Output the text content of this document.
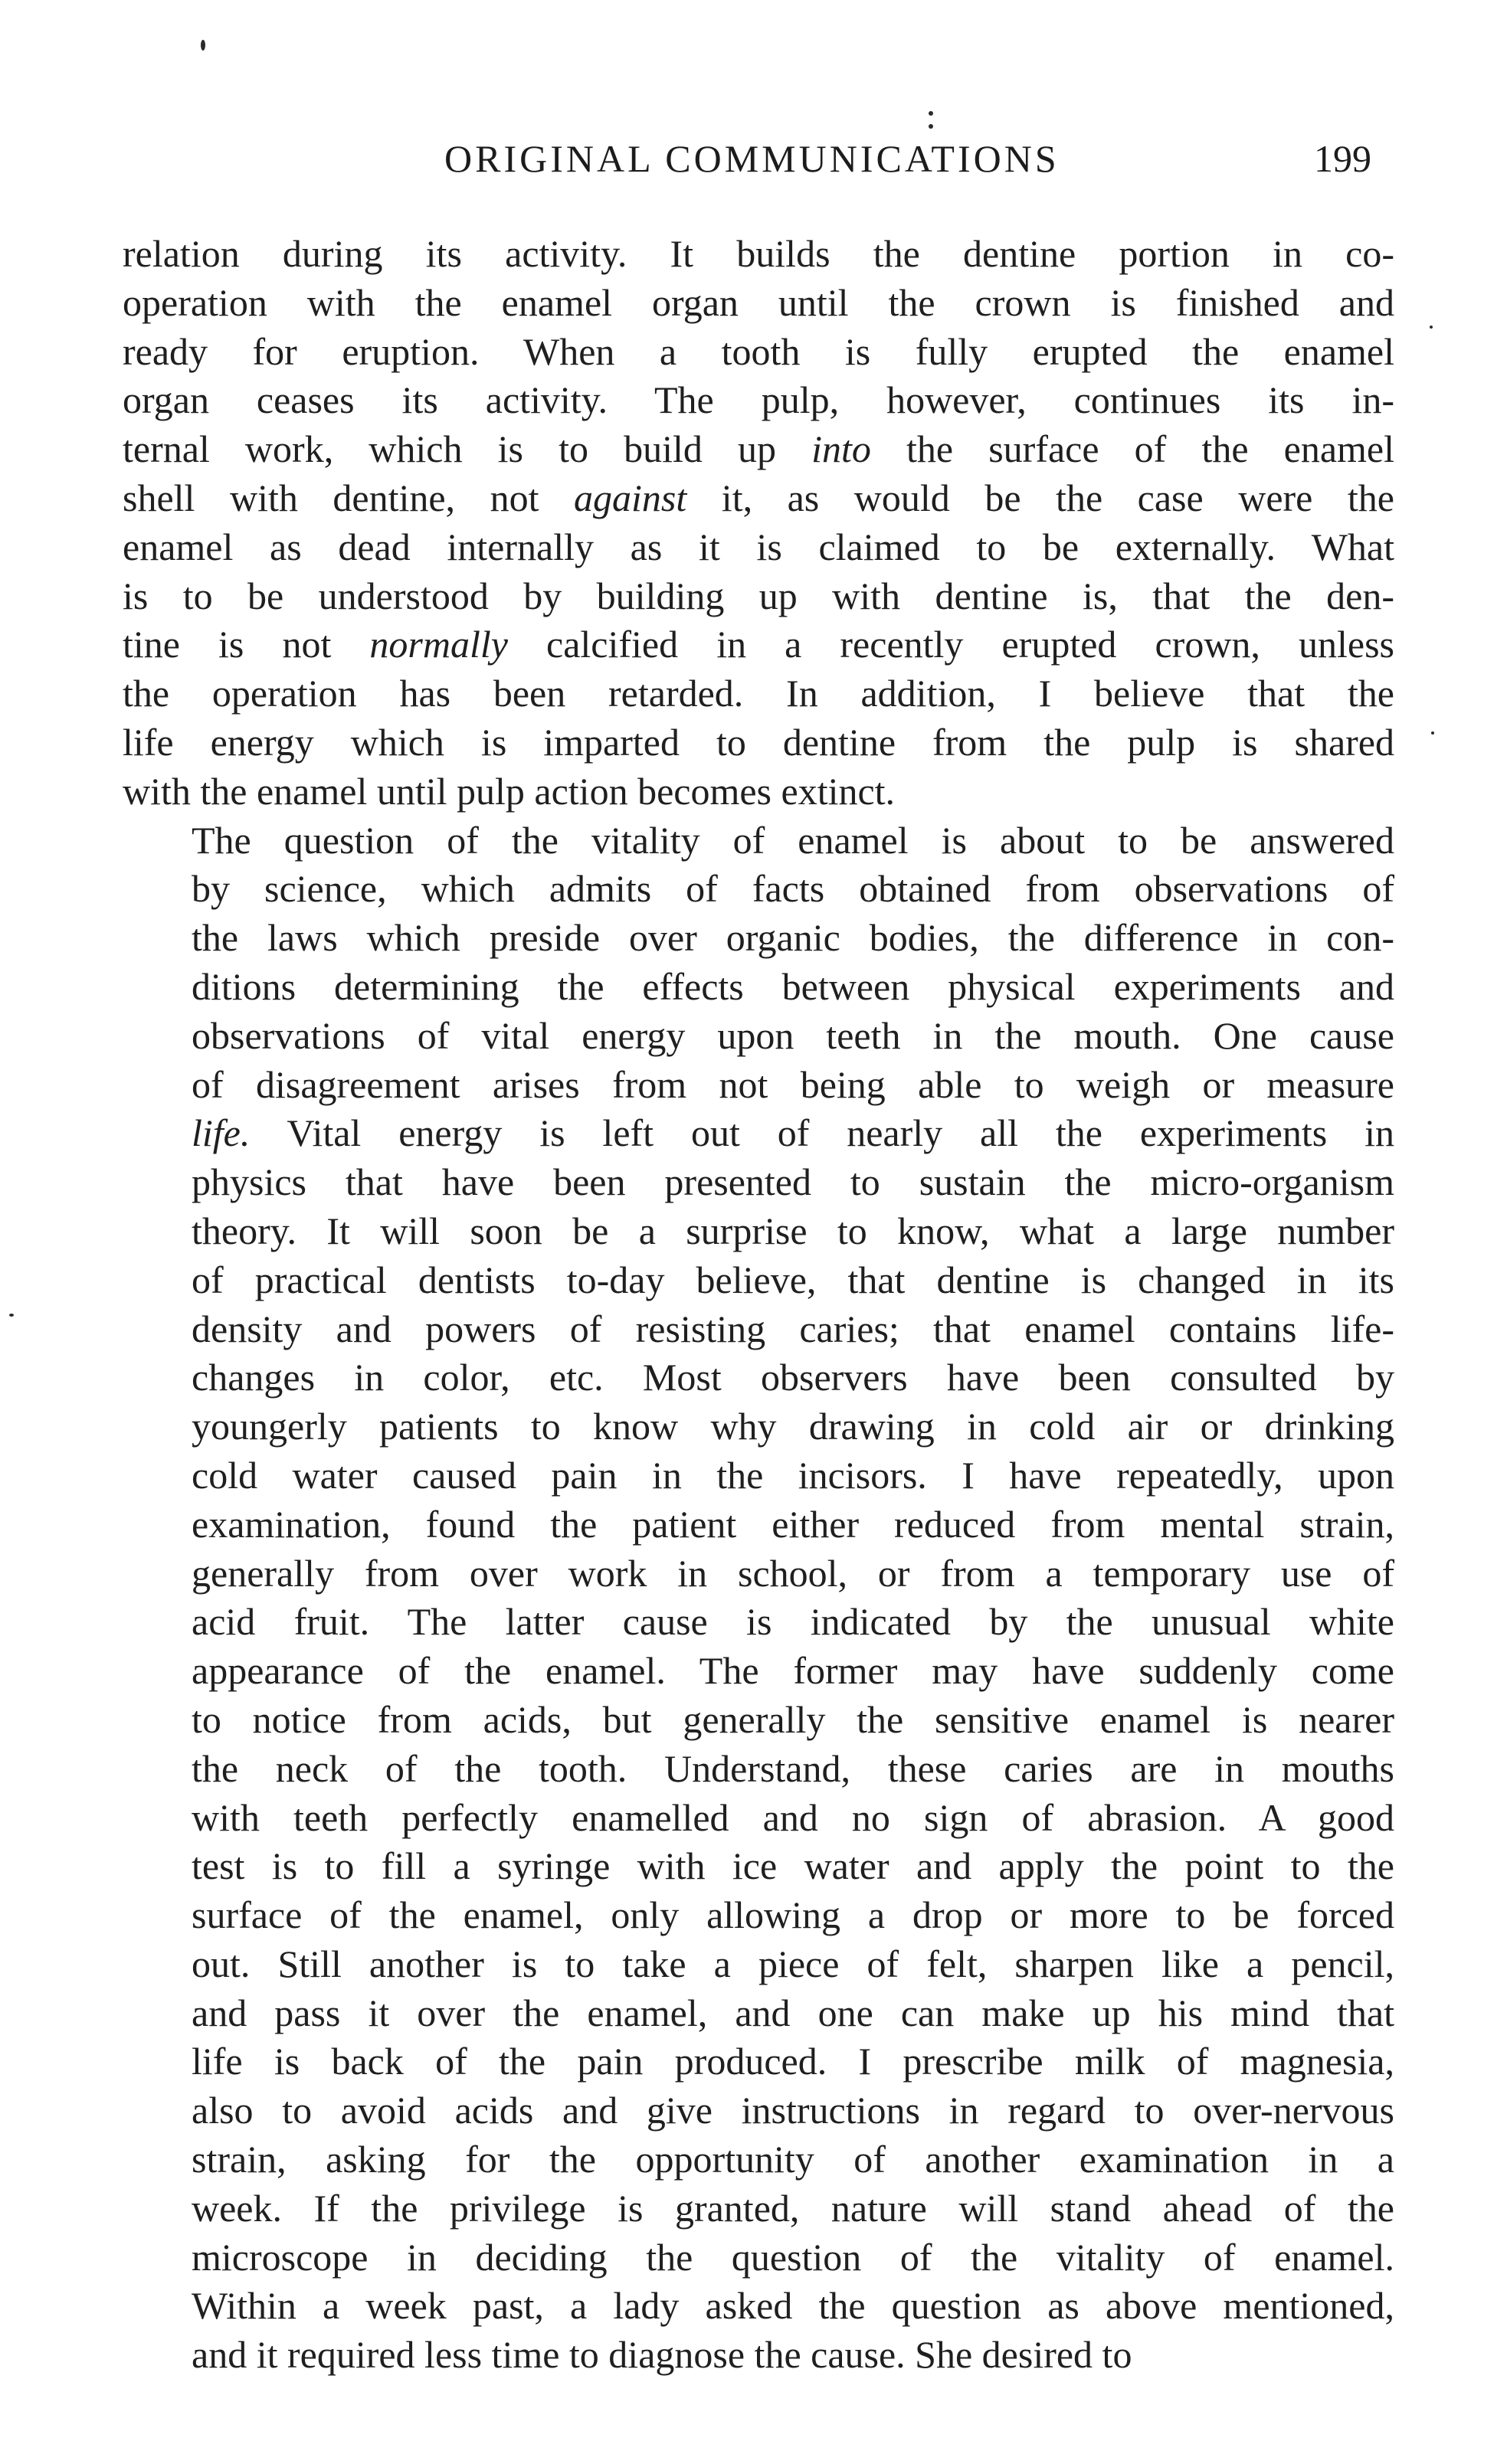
ORIGINAL COMMUNICATIONS	199
relation during its activity. It builds the dentine portion in co-
operation with the enamel organ until the crown is finished and
ready for eruption. When a tooth is fully erupted the enamel
organ ceases its activity. The pulp, however, continues its in-
ternal work, which is to build up into the surface of the enamel
shell with dentine, not against it, as would be the case were the
enamel as dead internally as it is claimed to be externally. What
is to be understood by building up with dentine is, that the den-
tine is not normally calcified in a recently erupted crown, unless
the operation has been retarded. In addition, I believe that the
life energy which is imparted to dentine from the pulp is shared
with the enamel until pulp action becomes extinct.
The question of the vitality of enamel is about to be answered
by science, which admits of facts obtained from observations of
the laws which preside over organic bodies, the difference in con-
ditions determining the effects between physical experiments and
observations of vital energy upon teeth in the mouth. One cause
of disagreement arises from not being able to weigh or measure
life. Vital energy is left out of nearly all the experiments in
physics that have been presented to sustain the micro-organism
theory. It will soon be a surprise to know, what a large number
of practical dentists to-day believe, that dentine is changed in its
density and powers of resisting caries; that enamel contains life-
changes in color, etc. Most observers have been consulted by
youngerly patients to know why drawing in cold air or drinking
cold water caused pain in the incisors. I have repeatedly, upon
examination, found the patient either reduced from mental strain,
generally from over work in school, or from a temporary use of
acid fruit. The latter cause is indicated by the unusual white
appearance of the enamel. The former may have suddenly come
to notice from acids, but generally the sensitive enamel is nearer
the neck of the tooth. Understand, these caries are in mouths
with teeth perfectly enamelled and no sign of abrasion. A good
test is to fill a syringe with ice water and apply the point to the
surface of the enamel, only allowing a drop or more to be forced
out. Still another is to take a piece of felt, sharpen like a pencil,
and pass it over the enamel, and one can make up his mind that
life is back of the pain produced. I prescribe milk of magnesia,
also to avoid acids and give instructions in regard to over-nervous
strain, asking for the opportunity of another examination in a
week. If the privilege is granted, nature will stand ahead of the
microscope in deciding the question of the vitality of enamel.
Within a week past, a lady asked the question as above mentioned,
and it required less time to diagnose the cause. She desired to
